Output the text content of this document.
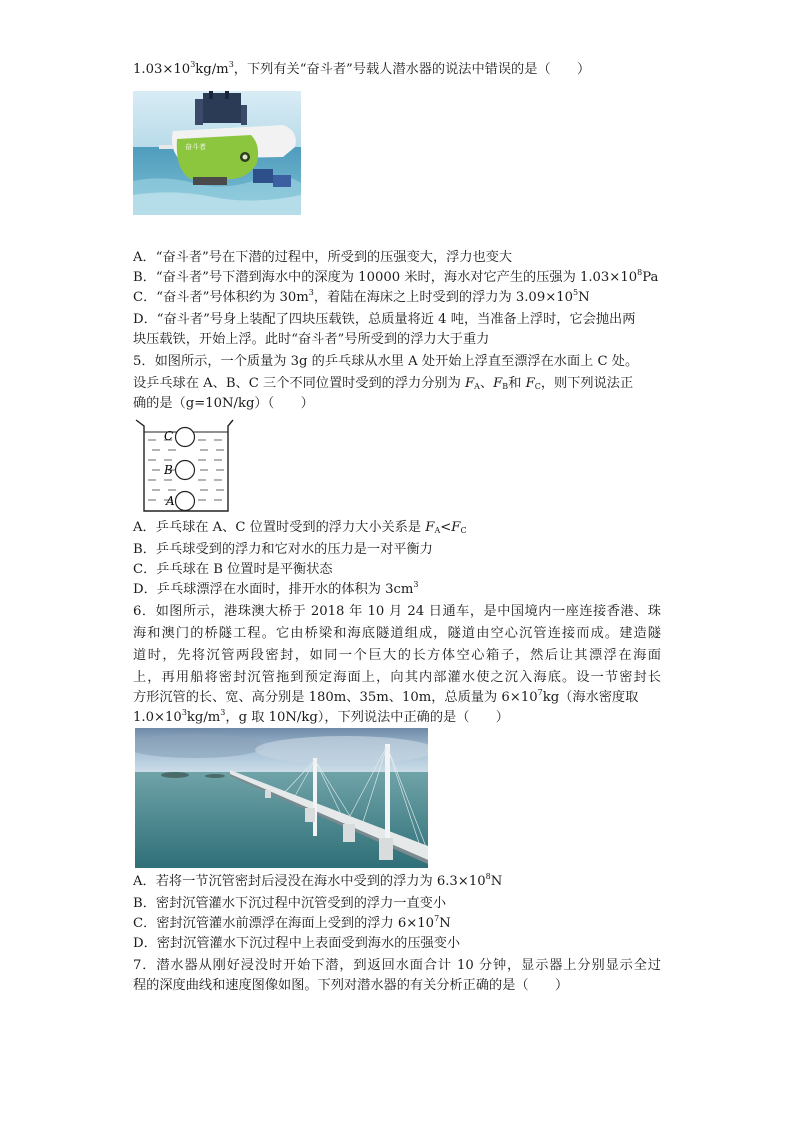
$1.03\times 10^3kg/m^3$，下列有关“奋斗者”号载人潜水器的说法中错误的是（　　）
奋斗者
A．“奋斗者”号在下潜的过程中，所受到的压强变大，浮力也变大
B．“奋斗者”号下潜到海水中的深度为 10000 米时，海水对它产生的压强为 $1.03\times 10^8Pa$
C．“奋斗者”号体积约为 $30m^3$，着陆在海床之上时受到的浮力为 $3.09\times 10^5N$
D．“奋斗者”号身上装配了四块压载铁，总质量将近 4 吨，当准备上浮时，它会抛出两
块压载铁，开始上浮。此时“奋斗者”号所受到的浮力大于重力
5．如图所示，一个质量为 3g 的乒乓球从水里 A 处开始上浮直至漂浮在水面上 C 处。
设乒乓球在 A、B、C 三个不同位置时受到的浮力分别为 $F_A$、$F_B$和 $F_C$，则下列说法正
确的是（g=10N/kg）（　　）
C
B
A
A．乒乓球在 A、C 位置时受到的浮力大小关系是 $F_A<F_C$
B．乒乓球受到的浮力和它对水的压力是一对平衡力
C．乒乓球在 B 位置时是平衡状态
D．乒乓球漂浮在水面时，排开水的体积为 $3cm^3$
6．如图所示，港珠澳大桥于 2018 年 10 月 24 日通车，是中国境内一座连接香港、珠
海和澳门的桥隧工程。它由桥梁和海底隧道组成，隧道由空心沉管连接而成。建造隧
道时，先将沉管两段密封，如同一个巨大的长方体空心箱子，然后让其漂浮在海面
上，再用船将密封沉管拖到预定海面上，向其内部灌水使之沉入海底。设一节密封长
方形沉管的长、宽、高分别是 180m、35m、10m，总质量为 $6\times 10^7kg$（海水密度取
$1.0\times 10^3kg/m^3$，g 取 10N/kg），下列说法中正确的是（　　）
A．若将一节沉管密封后浸没在海水中受到的浮力为 $6.3\times 10^8N$
B．密封沉管灌水下沉过程中沉管受到的浮力一直变小
C．密封沉管灌水前漂浮在海面上受到的浮力 $6\times 10^7N$
D．密封沉管灌水下沉过程中上表面受到海水的压强变小
7．潜水器从刚好浸没时开始下潜，到返回水面合计 10 分钟，显示器上分别显示全过
程的深度曲线和速度图像如图。下列对潜水器的有关分析正确的是（　　）
